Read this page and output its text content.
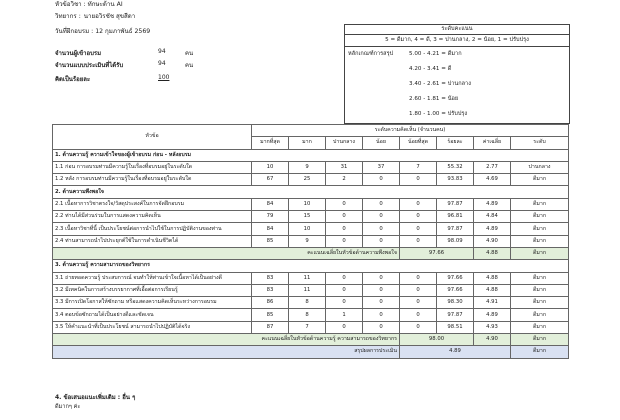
หัวข้อวิชา : ทักษะด้าน AI
วิทยากร : นายอวิรชัช สุขสีดา
วันที่ฝึกอบรม : 12 กุมภาพันธ์ 2569
จำนวนผู้เข้าอบรม	94	คน
จำนวนแบบประเมินที่ได้รับ	94	คน
คิดเป็นร้อยละ	100
ระดับคะแนน
5 = ดีมาก, 4 = ดี, 3 = ปานกลาง, 2 = น้อย, 1 = ปรับปรุง
หลักเกณฑ์การสรุป	5.00 - 4.21 = ดีมาก
4.20 - 3.41 = ดี
3.40 - 2.61 = ปานกลาง
2.60 - 1.81 = น้อย
1.80 - 1.00 = ปรับปรุง
หัวข้อ	ระดับความคิดเห็น (จำนวนคน)							
	มากที่สุด	มาก	ปานกลาง	น้อย	น้อยที่สุด	ร้อยละ	ค่าเฉลี่ย	ระดับ
1. ด้านความรู้ ความเข้าใจของผู้เข้าอบรม ก่อน - หลังอบรม								
1.1 ก่อน การอบรมท่านมีความรู้ในเรื่องที่อบรมอยู่ในระดับใด	10	9	31	37	7	55.32	2.77	ปานกลาง
1.2 หลัง การอบรมท่านมีความรู้ในเรื่องที่อบรมอยู่ในระดับใด	67	25	2	0	0	93.83	4.69	ดีมาก
2. ด้านความพึงพอใจ								
2.1 เนื้อหาการวิชาตรงใจ/วัสดุประสงค์ในการจัดฝึกอบรม	84	10	0	0	0	97.87	4.89	ดีมาก
2.2 ท่านได้มีส่วนร่วมในการแสดงความคิดเห็น	79	15	0	0	0	96.81	4.84	ดีมาก
2.3 เนื้อหาวิชาที่นี้ เป็นประโยชน์ต่อการนำไปใช้ในการปฏิบัติงานของท่าน	84	10	0	0	0	97.87	4.89	ดีมาก
2.4 ท่านสามารถนำไปประยุกต์ใช้ในการดำเนินชีวิตได้	85	9	0	0	0	98.09	4.90	ดีมาก
คะแนนเฉลี่ยในหัวข้อด้านความพึงพอใจ					97.66		4.88	ดีมาก
3. ด้านความรู้ ความสามารถของวิทยากร								
3.1 ถ่ายทอดความรู้ ประสบการณ์ จนทำให้ท่านเข้าใจเนื้อหาได้เป็นอย่างดี	83	11	0	0	0	97.66	4.88	ดีมาก
3.2 มีเทคนิคในการสร้างบรรยากาศที่เอื้อต่อการเรียนรู้	83	11	0	0	0	97.66	4.88	ดีมาก
3.3 มีการเปิดโอกาสให้ซักถาม หรือแสดงความคิดเห็นระหว่างการอบรม	86	8	0	0	0	98.30	4.91	ดีมาก
3.4 ตอบข้อซักถามได้เป็นอย่างดีและชัดเจน	85	8	1	0	0	97.87	4.89	ดีมาก
3.5 ให้คำแนะนำที่เป็นประโยชน์ สามารถนำไปปฏิบัติได้จริง	87	7	0	0	0	98.51	4.93	ดีมาก
คะแนนเฉลี่ยในหัวข้อด้านความรู้ ความสามารถของวิทยากร					98.00		4.90	ดีมาก
สรุปผลการประเมิน					4.89			ดีมาก
4. ข้อเสนอแนะเพิ่มเติม : อื่น ๆ
ดีมากๆ ค่ะ
